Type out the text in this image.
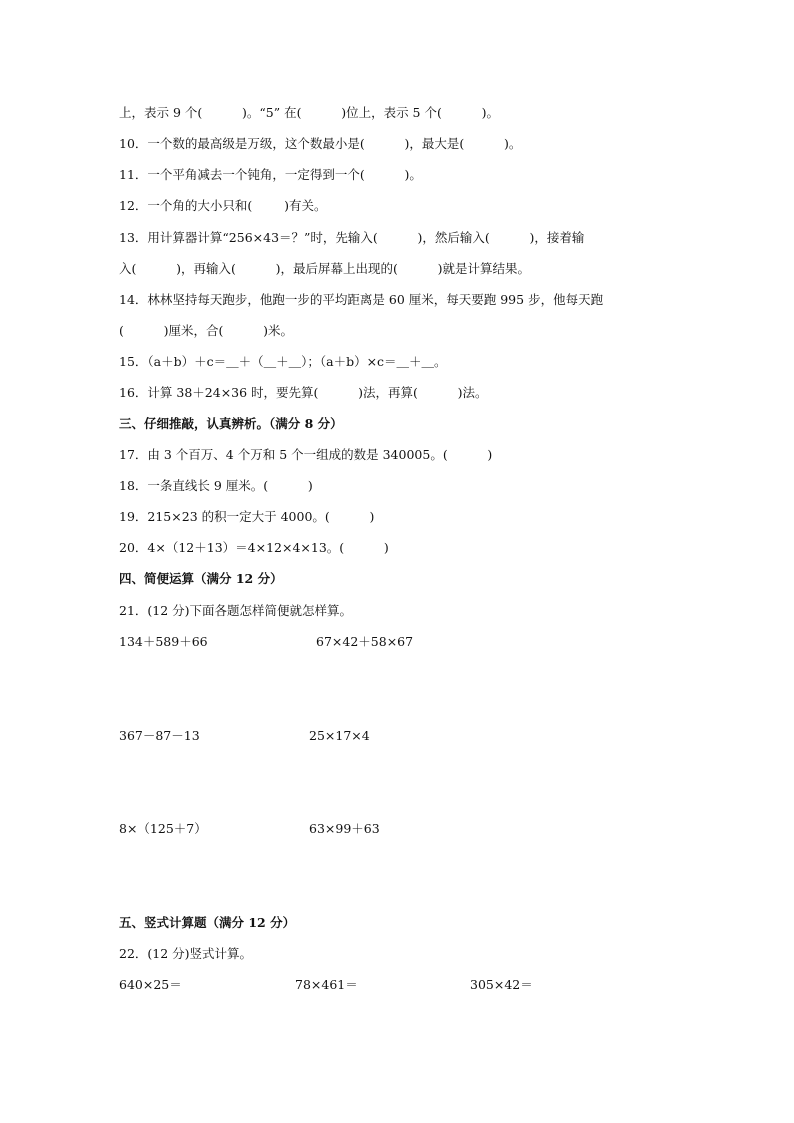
上，表示 9 个(          )。“5” 在(          )位上，表示 5 个(          )。
10．一个数的最高级是万级，这个数最小是(          )，最大是(          )。
11．一个平角减去一个钝角，一定得到一个(          )。
12．一个角的大小只和(        )有关。
13．用计算器计算“256×43＝？”时，先输入(          )，然后输入(          )，接着输
入(          )，再输入(          )，最后屏幕上出现的(          )就是计算结果。
14．林林坚持每天跑步，他跑一步的平均距离是 60 厘米，每天要跑 995 步，他每天跑
(          )厘米，合(          )米。
15．（a＋b）＋c＝＿＋（＿＋＿）；（a＋b）×c＝＿＋＿。
16．计算 38＋24×36 时，要先算(          )法，再算(          )法。
三、仔细推敲，认真辨析。（满分 8 分）
17．由 3 个百万、4 个万和 5 个一组成的数是 340005。(          )
18．一条直线长 9 厘米。(          )
19．215×23 的积一定大于 4000。(          )
20．4×（12＋13）＝4×12×4×13。(          )
四、简便运算（满分 12 分）
21．(12 分)下面各题怎样简便就怎样算。
134＋589＋66	67×42＋58×67
367－87－13	25×17×4
8×（125＋7）	63×99＋63
五、竖式计算题（满分 12 分）
22．(12 分)竖式计算。
640×25＝	78×461＝	305×42＝
